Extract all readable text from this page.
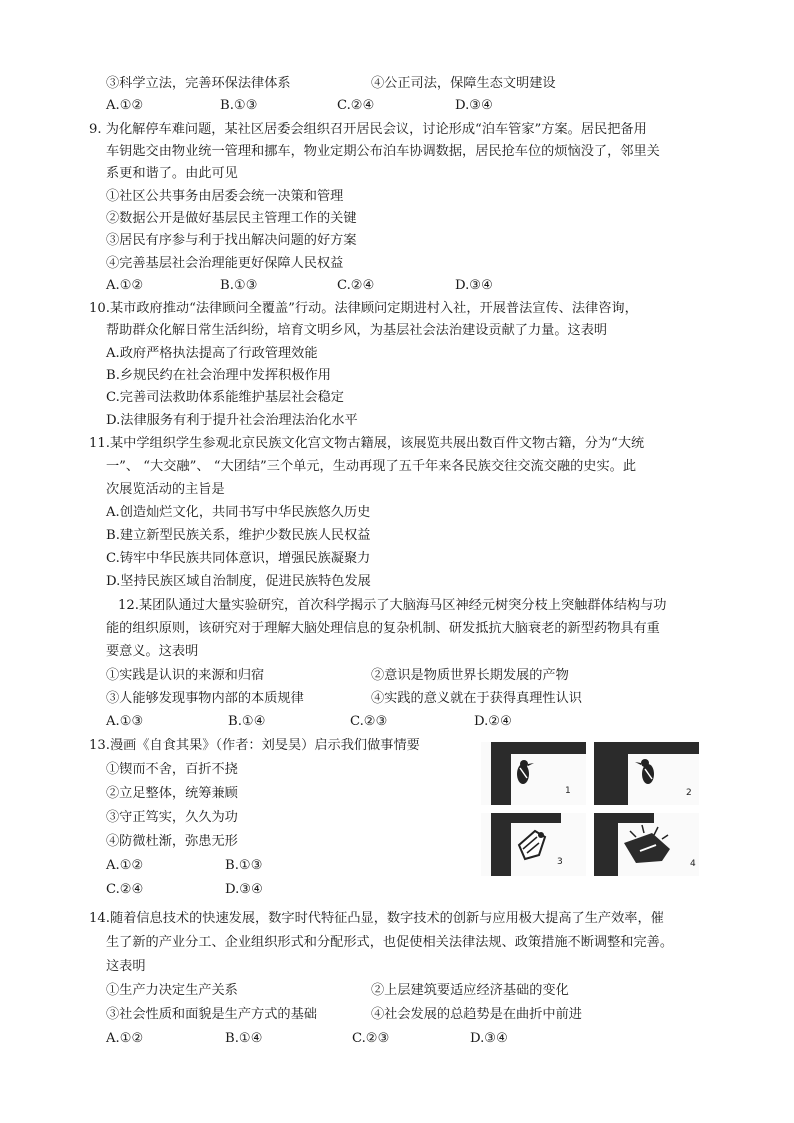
③科学立法，完善环保法律体系	④公正司法，保障生态文明建设
A.①②	B.①③	C.②④	D.③④
9. 为化解停车难问题，某社区居委会组织召开居民会议，讨论形成“泊车管家”方案。居民把备用
车钥匙交由物业统一管理和挪车，物业定期公布泊车协调数据，居民抢车位的烦恼没了，邻里关
系更和谐了。由此可见
①社区公共事务由居委会统一决策和管理
②数据公开是做好基层民主管理工作的关键
③居民有序参与利于找出解决问题的好方案
④完善基层社会治理能更好保障人民权益
A.①②	B.①③	C.②④	D.③④
10.某市政府推动“法律顾问全覆盖”行动。法律顾问定期进村入社，开展普法宣传、法律咨询，
帮助群众化解日常生活纠纷，培育文明乡风，为基层社会法治建设贡献了力量。这表明
A.政府严格执法提高了行政管理效能
B.乡规民约在社会治理中发挥积极作用
C.完善司法救助体系能维护基层社会稳定
D.法律服务有利于提升社会治理法治化水平
11.某中学组织学生参观北京民族文化宫文物古籍展，该展览共展出数百件文物古籍，分为“大统
一”、 “大交融”、 “大团结”三个单元，生动再现了五千年来各民族交往交流交融的史实。此
次展览活动的主旨是
A.创造灿烂文化，共同书写中华民族悠久历史
B.建立新型民族关系，维护少数民族人民权益
C.铸牢中华民族共同体意识，增强民族凝聚力
D.坚持民族区域自治制度，促进民族特色发展
12.某团队通过大量实验研究，首次科学揭示了大脑海马区神经元树突分枝上突触群体结构与功
能的组织原则，该研究对于理解大脑处理信息的复杂机制、研发抵抗大脑衰老的新型药物具有重
要意义。这表明
①实践是认识的来源和归宿	②意识是物质世界长期发展的产物
③人能够发现事物内部的本质规律	④实践的意义就在于获得真理性认识
A.①③	B.①④	C.②③	D.②④
13.漫画《自食其果》（作者：刘旻昊）启示我们做事情要
①锲而不舍，百折不挠
②立足整体，统筹兼顾
③守正笃实，久久为功
④防微杜渐，弥患无形
A.①②	B.①③
C.②④	D.③④
1	2
3	4
14.随着信息技术的快速发展，数字时代特征凸显，数字技术的创新与应用极大提高了生产效率，催
生了新的产业分工、企业组织形式和分配形式，也促使相关法律法规、政策措施不断调整和完善。
这表明
①生产力决定生产关系	②上层建筑要适应经济基础的变化
③社会性质和面貌是生产方式的基础	④社会发展的总趋势是在曲折中前进
A.①②	B.①④	C.②③	D.③④
